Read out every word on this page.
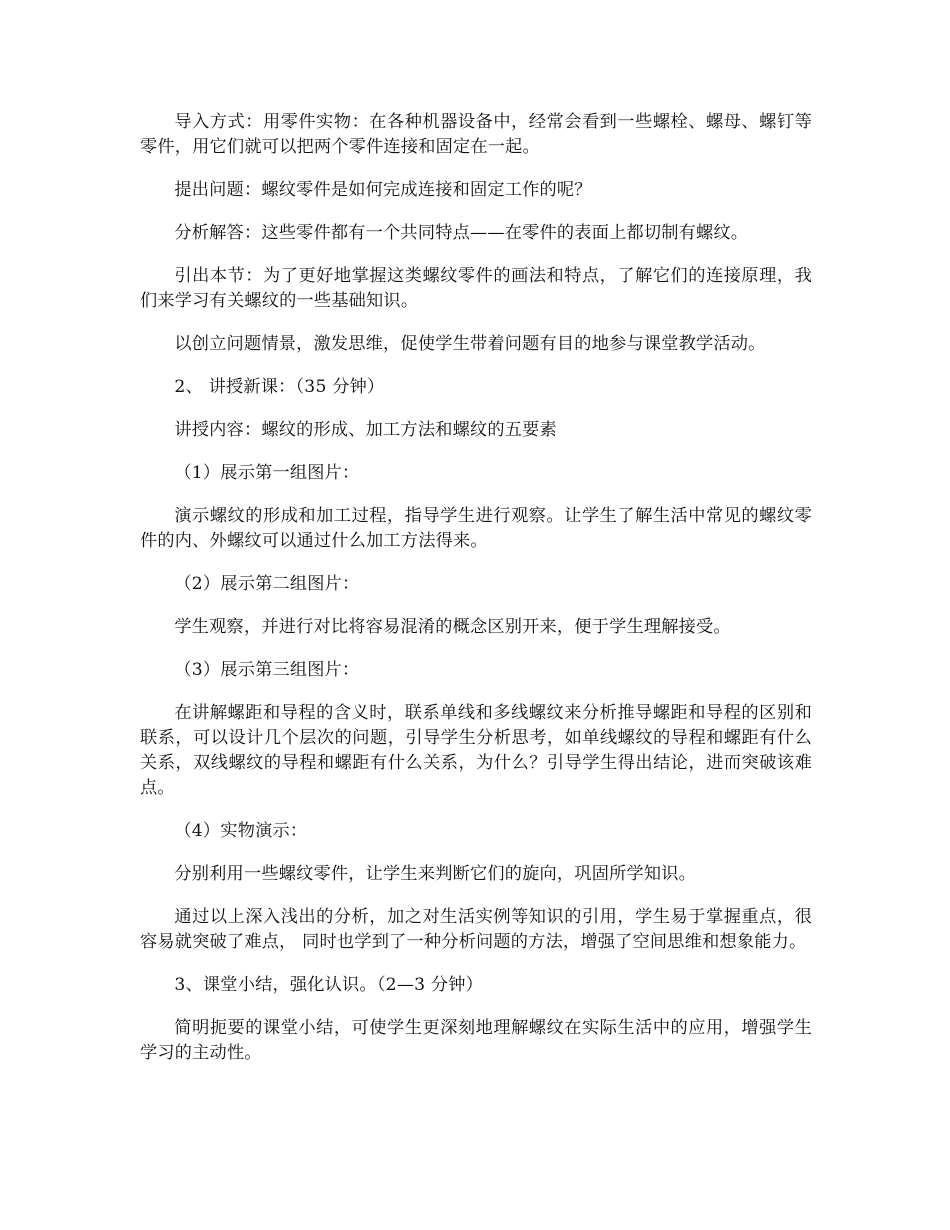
导入方式：用零件实物：在各种机器设备中，经常会看到一些螺栓、螺母、螺钉等零件，用它们就可以把两个零件连接和固定在一起。

提出问题：螺纹零件是如何完成连接和固定工作的呢？

分析解答：这些零件都有一个共同特点——在零件的表面上都切制有螺纹。

引出本节：为了更好地掌握这类螺纹零件的画法和特点，了解它们的连接原理，我们来学习有关螺纹的一些基础知识。

以创立问题情景，激发思维，促使学生带着问题有目的地参与课堂教学活动。

2、 讲授新课：（35 分钟）

讲授内容：螺纹的形成、加工方法和螺纹的五要素

（1）展示第一组图片：

演示螺纹的形成和加工过程，指导学生进行观察。让学生了解生活中常见的螺纹零件的内、外螺纹可以通过什么加工方法得来。

（2）展示第二组图片：

学生观察，并进行对比将容易混淆的概念区别开来，便于学生理解接受。

（3）展示第三组图片：

在讲解螺距和导程的含义时，联系单线和多线螺纹来分析推导螺距和导程的区别和联系，可以设计几个层次的问题，引导学生分析思考，如单线螺纹的导程和螺距有什么关系，双线螺纹的导程和螺距有什么关系，为什么？引导学生得出结论，进而突破该难点。

（4）实物演示：

分别利用一些螺纹零件，让学生来判断它们的旋向，巩固所学知识。

通过以上深入浅出的分析，加之对生活实例等知识的引用，学生易于掌握重点，很容易就突破了难点， 同时也学到了一种分析问题的方法，增强了空间思维和想象能力。

3、课堂小结，强化认识。（2—3 分钟）

简明扼要的课堂小结，可使学生更深刻地理解螺纹在实际生活中的应用，增强学生学习的主动性。
